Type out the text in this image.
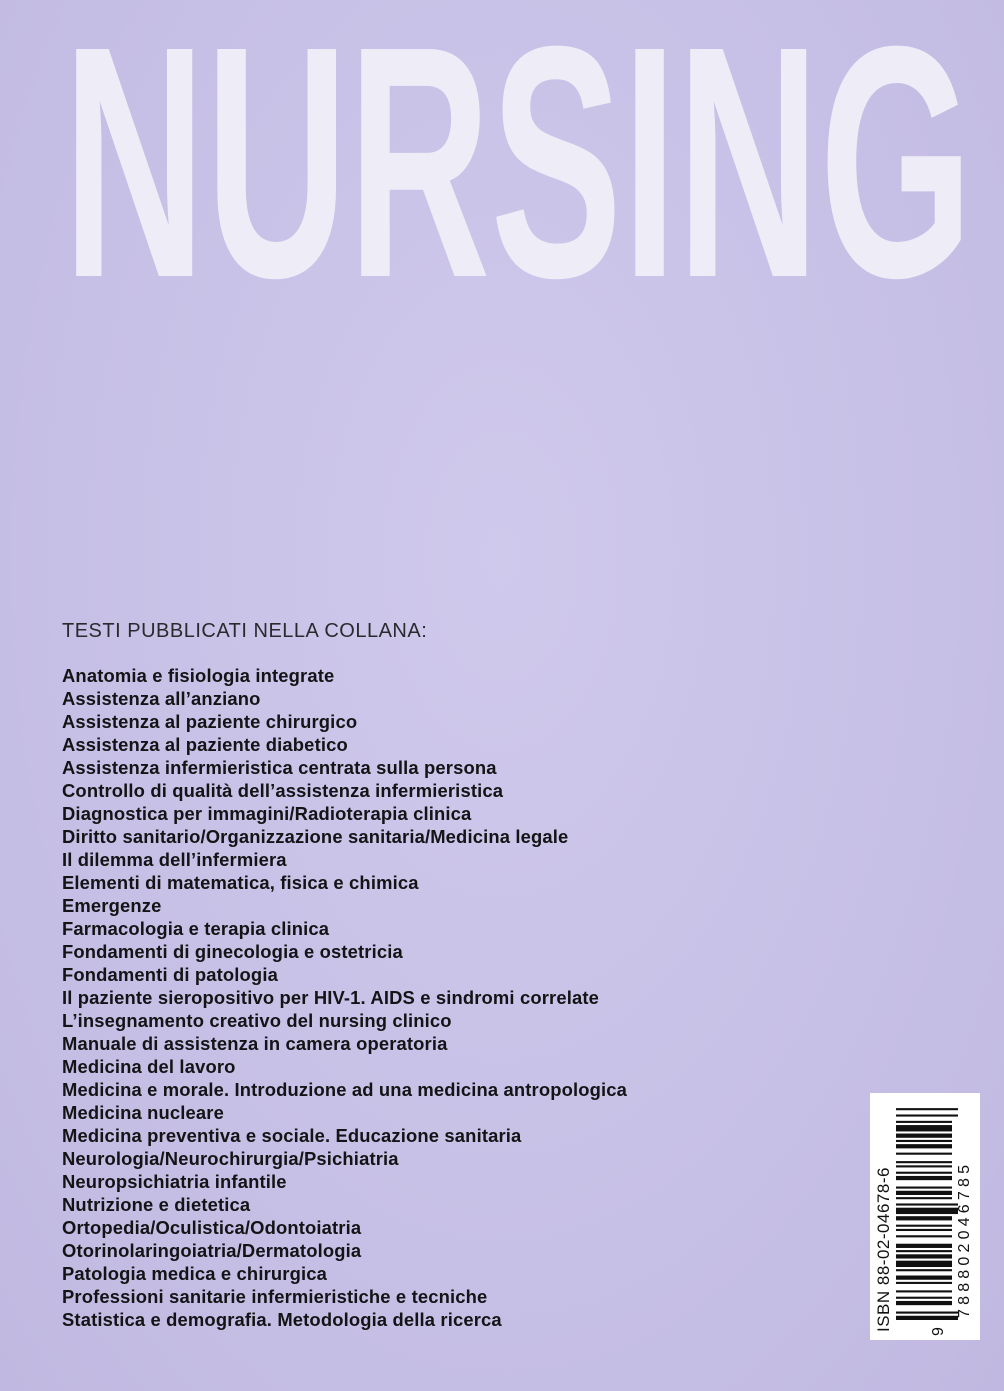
NURSING
TESTI PUBBLICATI NELLA COLLANA:
Anatomia e fisiologia integrate
Assistenza all’anziano
Assistenza al paziente chirurgico
Assistenza al paziente diabetico
Assistenza infermieristica centrata sulla persona
Controllo di qualità dell’assistenza infermieristica
Diagnostica per immagini/Radioterapia clinica
Diritto sanitario/Organizzazione sanitaria/Medicina legale
Il dilemma dell’infermiera
Elementi di matematica, fisica e chimica
Emergenze
Farmacologia e terapia clinica
Fondamenti di ginecologia e ostetricia
Fondamenti di patologia
Il paziente sieropositivo per HIV-1. AIDS e sindromi correlate
L’insegnamento creativo del nursing clinico
Manuale di assistenza in camera operatoria
Medicina del lavoro
Medicina e morale. Introduzione ad una medicina antropologica
Medicina nucleare
Medicina preventiva e sociale. Educazione sanitaria
Neurologia/Neurochirurgia/Psichiatria
Neuropsichiatria infantile
Nutrizione e dietetica
Ortopedia/Oculistica/Odontoiatria
Otorinolaringoiatria/Dermatologia
Patologia medica e chirurgica
Professioni sanitarie infermieristiche e tecniche
Statistica e demografia. Metodologia della ricerca	ISBN 88-02-04678-6 9
788802046785
